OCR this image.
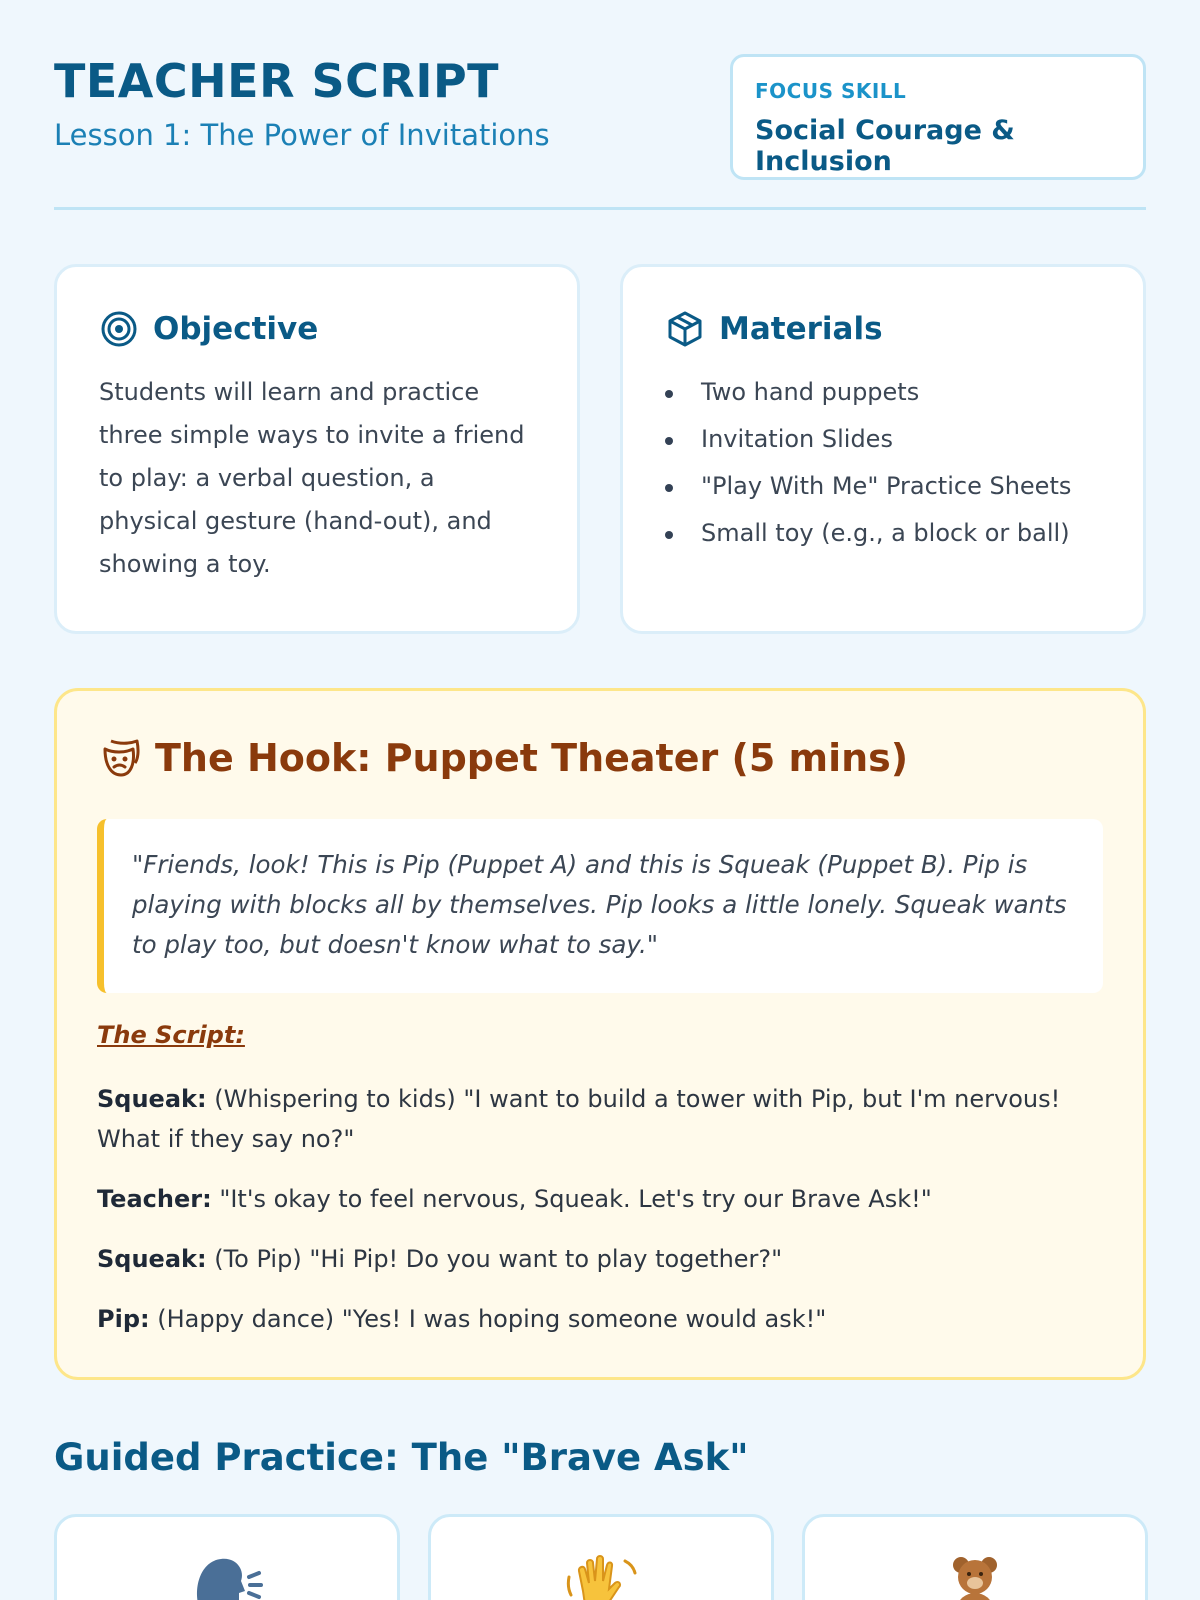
TEACHER SCRIPT
Lesson 1: The Power of Invitations
FOCUS SKILL
Social Courage & Inclusion
Objective
Students will learn and practice three simple ways to invite a friend to play: a verbal question, a physical gesture (hand-out), and showing a toy.
Materials
Two hand puppets
Invitation Slides
"Play With Me" Practice Sheets
Small toy (e.g., a block or ball)
The Hook: Puppet Theater (5 mins)
"Friends, look! This is Pip (Puppet A) and this is Squeak (Puppet B). Pip is playing with blocks all by themselves. Pip looks a little lonely. Squeak wants to play too, but doesn't know what to say."
The Script:
Squeak: (Whispering to kids) "I want to build a tower with Pip, but I'm nervous! What if they say no?"
Teacher: "It's okay to feel nervous, Squeak. Let's try our Brave Ask!"
Squeak: (To Pip) "Hi Pip! Do you want to play together?"
Pip: (Happy dance) "Yes! I was hoping someone would ask!"
Guided Practice: The "Brave Ask"
